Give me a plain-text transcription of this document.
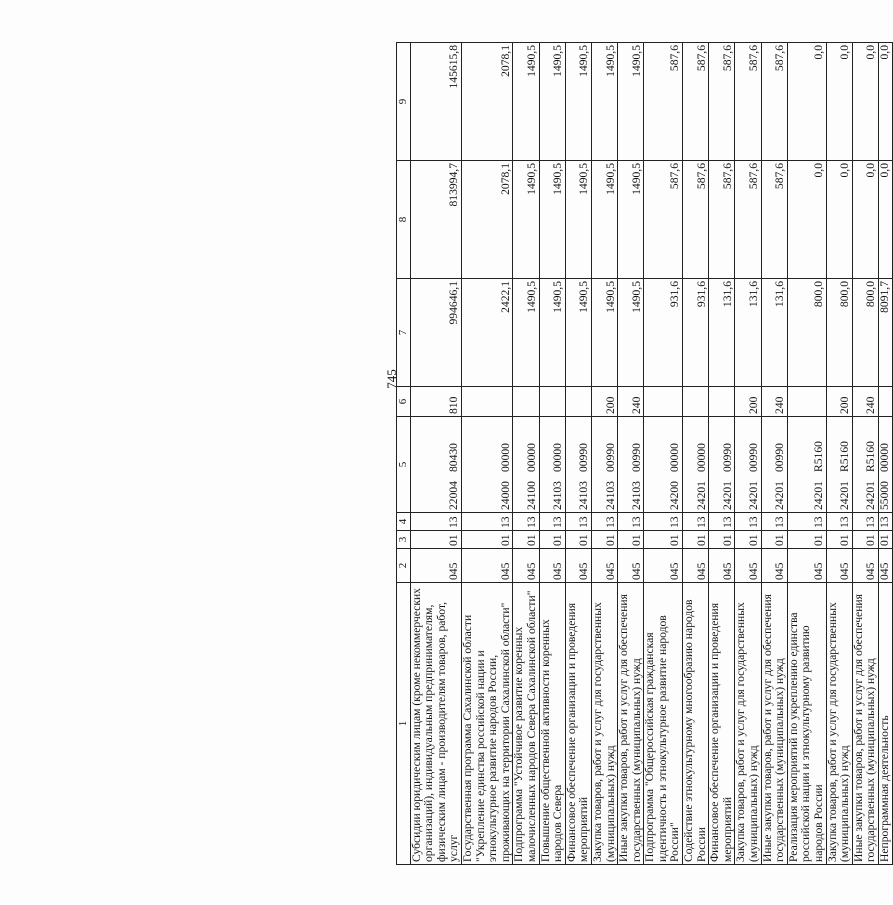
745
1	2	3	4	5	6	7	8	9
Субсидии юридическим лицам (кроме некоммерческих организаций), индивидуальным предпринимателям, физическим лицам - производителям товаров, работ, услуг	045	01	13	2200480430	810	994646,1	813994,7	145615,8
Государственная программа Сахалинской области "Укрепление единства российской нации и этнокультурное развитие народов России, проживающих на территории Сахалинской области"	045	01	13	2400000000		2422,1	2078,1	2078,1
Подпрограмма "Устойчивое развитие коренных малочисленных народов Севера Сахалинской области"	045	01	13	2410000000		1490,5	1490,5	1490,5
Повышение общественной активности коренных народов Севера	045	01	13	2410300000		1490,5	1490,5	1490,5
Финансовое обеспечение организации и проведения мероприятий	045	01	13	2410300990		1490,5	1490,5	1490,5
Закупка товаров, работ и услуг для государственных (муниципальных) нужд	045	01	13	2410300990	200	1490,5	1490,5	1490,5
Иные закупки товаров, работ и услуг для обеспечения государственных (муниципальных) нужд	045	01	13	2410300990	240	1490,5	1490,5	1490,5
Подпрограмма "Общероссийская гражданская идентичность и этнокультурное развитие народов России"	045	01	13	2420000000		931,6	587,6	587,6
Содействие этнокультурному многообразию народов России	045	01	13	2420100000		931,6	587,6	587,6
Финансовое обеспечение организации и проведения мероприятий	045	01	13	2420100990		131,6	587,6	587,6
Закупка товаров, работ и услуг для государственных (муниципальных) нужд	045	01	13	2420100990	200	131,6	587,6	587,6
Иные закупки товаров, работ и услуг для обеспечения государственных (муниципальных) нужд	045	01	13	2420100990	240	131,6	587,6	587,6
Реализация мероприятий по укреплению единства российской нации и этнокультурному развитию народов России	045	01	13	24201R5160		800,0	0,0	0,0
Закупка товаров, работ и услуг для государственных (муниципальных) нужд	045	01	13	24201R5160	200	800,0	0,0	0,0
Иные закупки товаров, работ и услуг для обеспечения государственных (муниципальных) нужд	045	01	13	24201R5160	240	800,0	0,0	0,0
Непрограммная деятельность	045	01	13	5500000000		8091,7	0,0	0,0
